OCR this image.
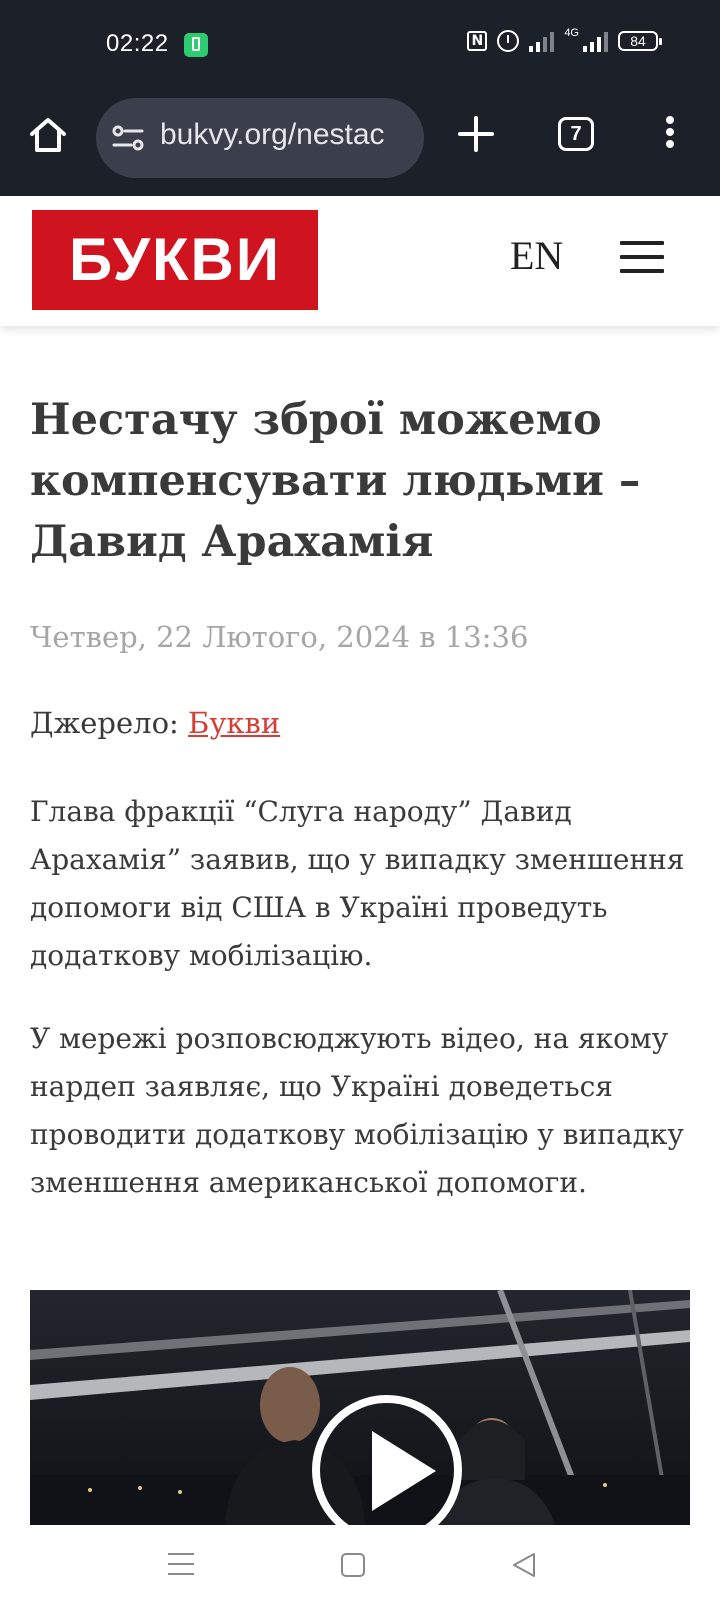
02:22	N	4G	84
bukvy.org/nestac	7
БУКВИ	EN
Нестачу зброї можемо компенсувати людьми – Давид Арахамія
Четвер, 22 Лютого, 2024 в 13:36
Джерело: Букви

Глава фракції “Слуга народу” Давид Арахамія” заявив, що у випадку зменшення допомоги від США в Україні проведуть додаткову мобілізацію.

У мережі розповсюджують відео, на якому нардеп заявляє, що Україні доведеться проводити додаткову мобілізацію у випадку зменшення американської допомоги.
